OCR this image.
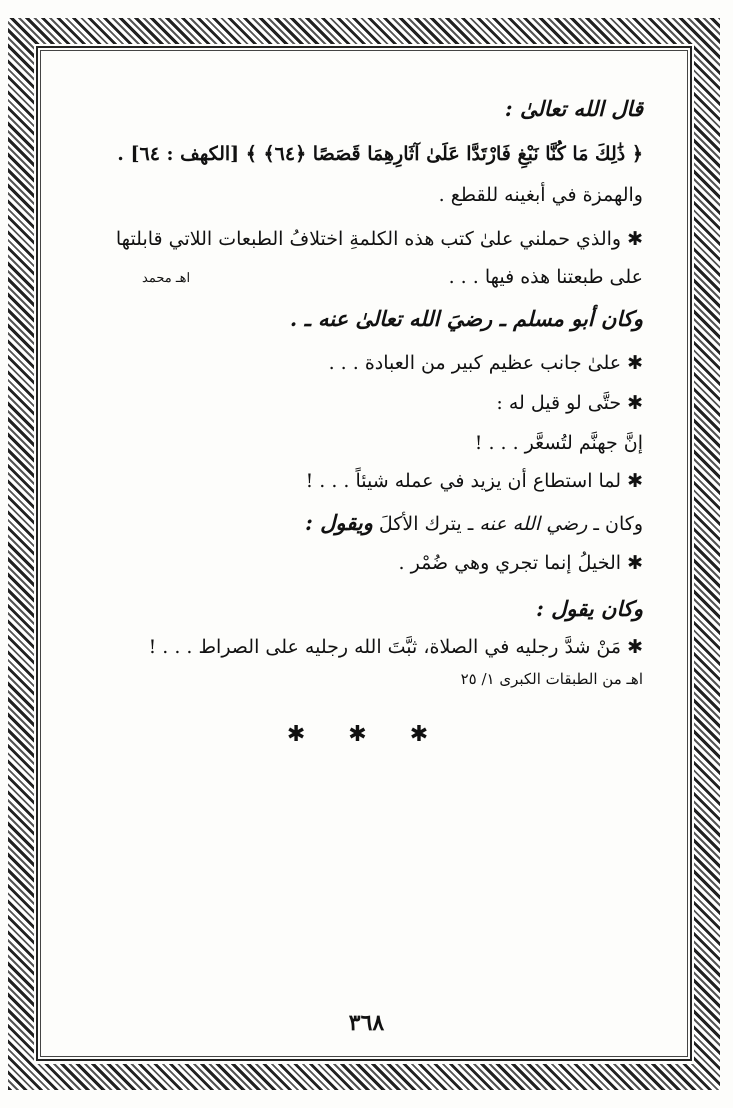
قال الله تعالىٰ :
﴿ ذَٰلِكَ مَا كُنَّا نَبْغِ فَارْتَدَّا عَلَىٰ آثَارِهِمَا قَصَصًا ﴿٦٤﴾ ﴾ [الكهف : ٦٤] .
والهمزة في أبغينه للقطع .
✱والذي حملني علىٰ كتب هذه الكلمةِ اختلافُ الطبعات اللاتي قابلتها
على طبعتنا هذه فيها . . .
اهـ محمد
وكان أبو مسلم ـ رضيَ الله تعالىٰ عنه ـ .
✱علىٰ جانب عظيم كبير من العبادة . . .
✱حتَّى لو قيل له :
إنَّ جهنَّم لتُسعَّر . . . !
✱لما استطاع أن يزيد في عمله شيئاً . . . !
وكان ـ رضي الله عنه ـ يترك الأكلَ ويقول :
✱الخيلُ إنما تجري وهي ضُمْر .
وكان يقول :
✱مَنْ شدَّ رجليه في الصلاة، ثبَّتَ الله رجليه على الصراط . . . !
اهـ من الطبقات الكبرى ١/ ٢٥
✱ ✱ ✱
٣٦٨
